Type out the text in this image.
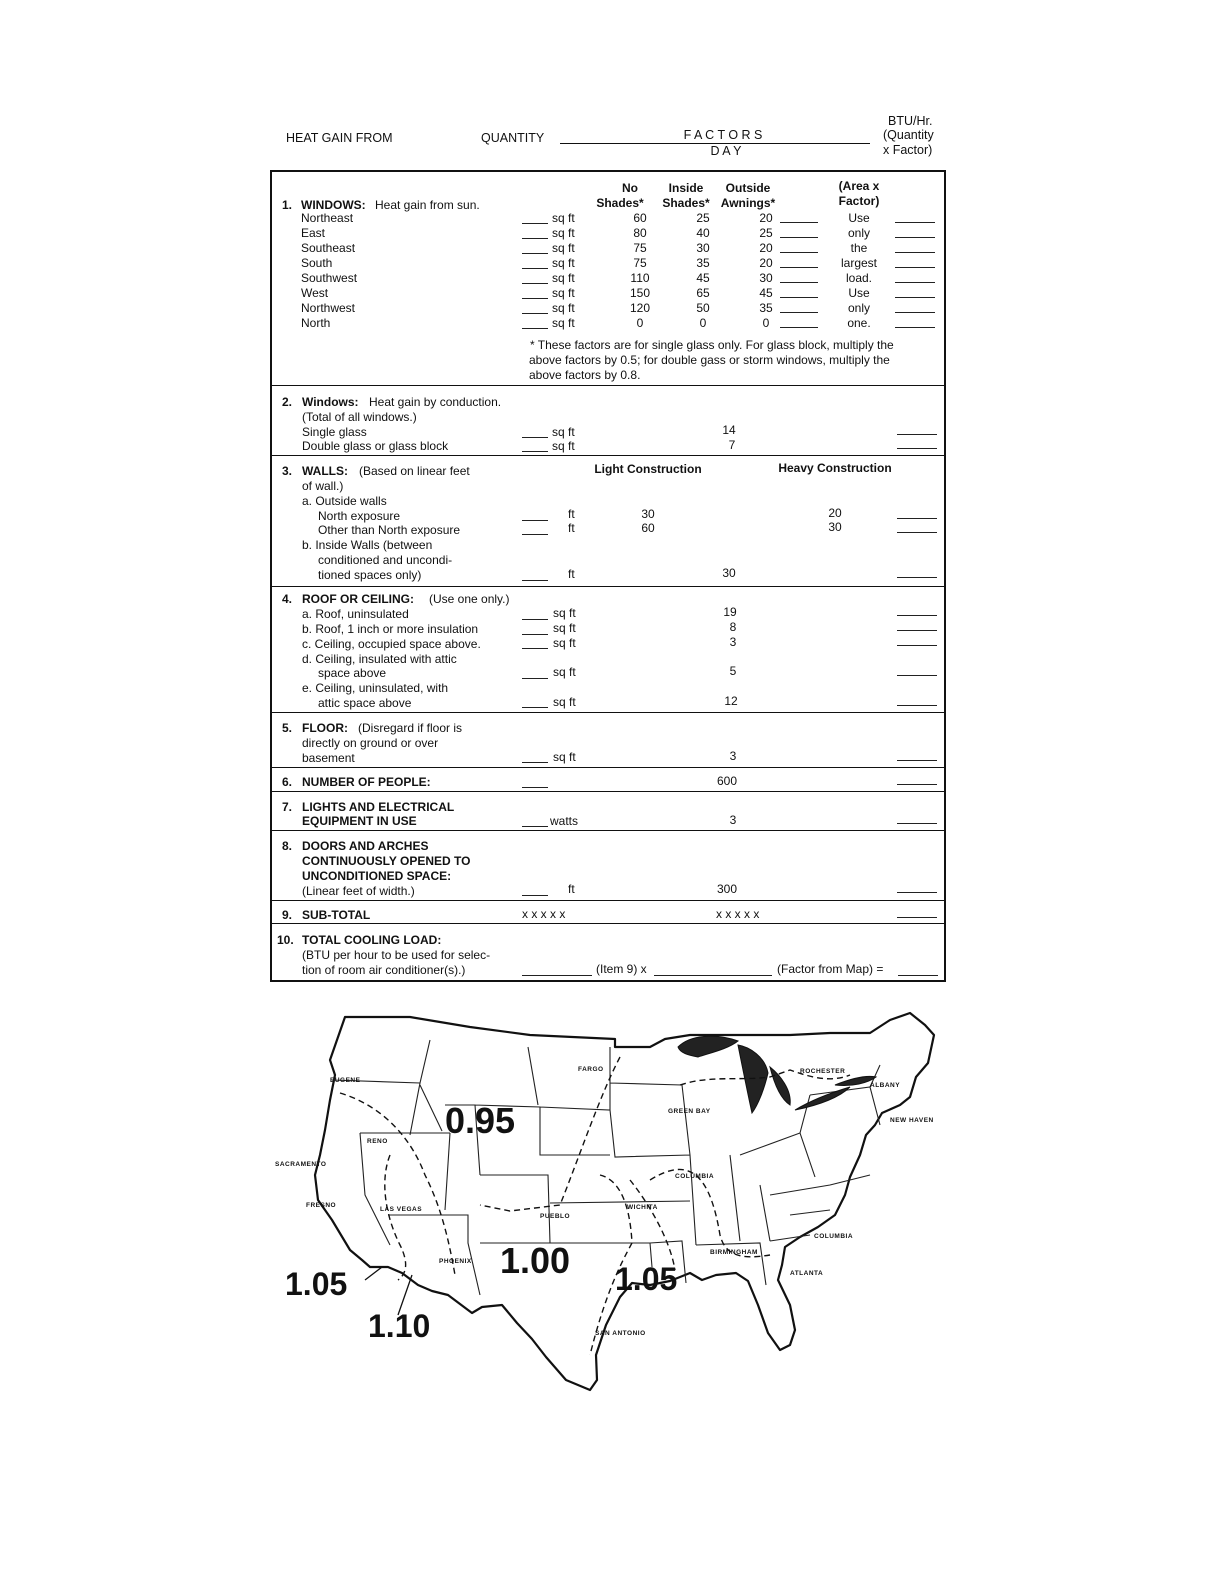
HEAT GAIN FROM	QUANTITY	F A C T O R S
D A Y
BTU/Hr.
(Quantity
x Factor)
1. WINDOWS: Heat gain from sun.
No
Shades*
Inside
Shades*
Outside
Awnings*
(Area x
Factor)
Northeast	sq ft	60	25	20	Use
East	sq ft	80	40	25	only
Southeast	sq ft	75	30	20	the
South	sq ft	75	35	20	largest
Southwest	sq ft	110	45	30	load.
West	sq ft	150	65	45	Use
Northwest	sq ft	120	50	35	only
North	sq ft	0	0	0	one.
* These factors are for single glass only. For glass block, multiply the
above factors by 0.5; for double gass or storm windows, multiply the
above factors by 0.8.
2. Windows: Heat gain by conduction.
(Total of all windows.)
Single glass	sq ft	14
Double glass or glass block	sq ft	7
3. WALLS: (Based on linear feet
of wall.)
Light Construction	Heavy Construction
a. Outside walls
North exposure	ft	30	20
Other than North exposure	ft	60	30
b. Inside Walls (between
conditioned and uncondi-
tioned spaces only)	ft	30
4. ROOF OR CEILING: (Use one only.)
a. Roof, uninsulated	sq ft	19
b. Roof, 1 inch or more insulation	sq ft	8
c. Ceiling, occupied space above.	sq ft	3
d. Ceiling, insulated with attic
space above	sq ft	5
e. Ceiling, uninsulated, with
attic space above	sq ft	12
5. FLOOR: (Disregard if floor is
directly on ground or over
basement	sq ft	3
6. NUMBER OF PEOPLE:	600
7. LIGHTS AND ELECTRICAL
EQUIPMENT IN USE	watts	3
8. DOORS AND ARCHES
CONTINUOUSLY OPENED TO
UNCONDITIONED SPACE:
(Linear feet of width.)	ft	300
9. SUB-TOTAL	x x x x x	x x x x x
10. TOTAL COOLING LOAD:
(BTU per hour to be used for selec-
tion of room air conditioner(s).)	(Item 9) x	(Factor from Map) =
0.95
1.00
1.05	1.05
1.10
EUGENE
RENO
SACRAMENTO
FRESNO
LAS VEGAS
PHOENIX
PUEBLO
FARGO
GREEN BAY
COLUMBIA
WICHITA
BIRMINGHAM
ATLANTA
COLUMBIA
ROCHESTER
ALBANY
NEW HAVEN
SAN ANTONIO
